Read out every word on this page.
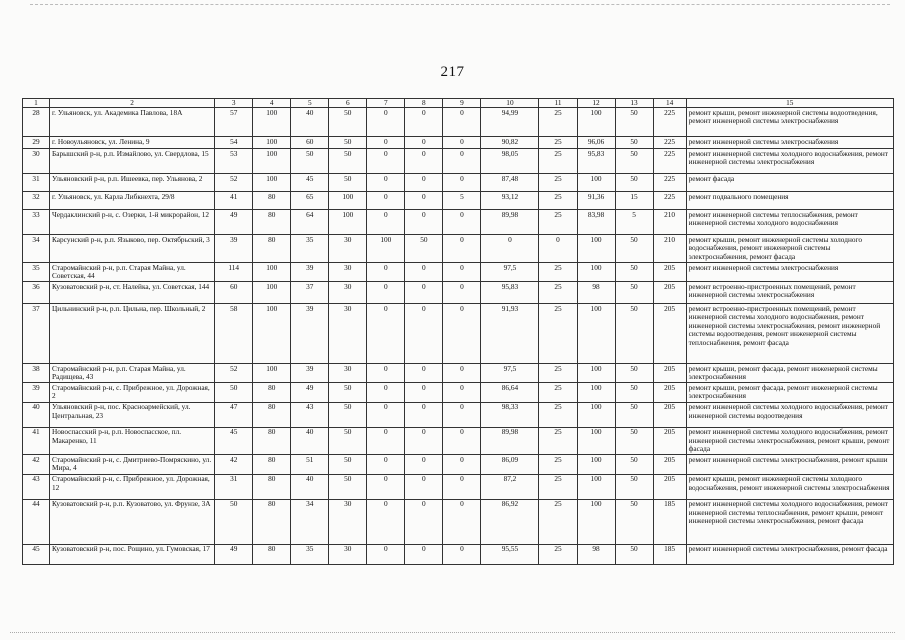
217
1	2	3	4	5	6	7	8	9	10	11	12	13	14	15
28	г. Ульяновск, ул. Академика Павлова, 18А	57	100	40	50	0	0	0	94,99	25	100	50	225	ремонт крыши, ремонт инженерной системы водоотведения, ремонт инженерной системы электроснабжения
29	г. Новоульяновск, ул. Ленина, 9	54	100	60	50	0	0	0	90,82	25	96,06	50	225	ремонт инженерной системы электроснабжения
30	Барышский р-н, р.п. Измайлово, ул. Свердлова, 15	53	100	50	50	0	0	0	98,05	25	95,83	50	225	ремонт инженерной системы холодного водоснабжения, ремонт инженерной системы электроснабжения
31	Ульяновский р-н, р.п. Ишеевка, пер. Ульянова, 2	52	100	45	50	0	0	0	87,48	25	100	50	225	ремонт фасада
32	г. Ульяновск, ул. Карла Либкнехта, 29/8	41	80	65	100	0	0	5	93,12	25	91,36	15	225	ремонт подвального помещения
33	Чердаклинский р-н, с. Озерки, 1-й микрорайон, 12	49	80	64	100	0	0	0	89,98	25	83,98	5	210	ремонт инженерной системы теплоснабжения, ремонт инженерной системы холодного водоснабжения
34	Карсунский р-н, р.п. Языково, пер. Октябрьский, 3	39	80	35	30	100	50	0	0	0	100	50	210	ремонт крыши, ремонт инженерной системы холодного водоснабжения, ремонт инженерной системы электроснабжения, ремонт фасада
35	Старомайнский р-н, р.п. Старая Майна, ул. Советская, 44	114	100	39	30	0	0	0	97,5	25	100	50	205	ремонт инженерной системы электроснабжения
36	Кузоватовский р-н, ст. Налейка, ул. Советская, 144	60	100	37	30	0	0	0	95,83	25	98	50	205	ремонт встроенно-пристроенных помещений, ремонт инженерной системы электроснабжения
37	Цильнинский р-н, р.п. Цильна, пер. Школьный, 2	58	100	39	30	0	0	0	91,93	25	100	50	205	ремонт встроенно-пристроенных помещений, ремонт инженерной системы холодного водоснабжения, ремонт инженерной системы электроснабжения, ремонт инженерной системы водоотведения, ремонт инженерной системы теплоснабжения, ремонт фасада
38	Старомайнский р-н, р.п. Старая Майна, ул. Радищева, 43	52	100	39	30	0	0	0	97,5	25	100	50	205	ремонт крыши, ремонт фасада, ремонт инженерной системы электроснабжения
39	Старомайнский р-н, с. Прибрежное, ул. Дорожная, 2	50	80	49	50	0	0	0	86,64	25	100	50	205	ремонт крыши, ремонт фасада, ремонт инженерной системы электроснабжения
40	Ульяновский р-н, пос. Красноармейский, ул. Центральная, 23	47	80	43	50	0	0	0	98,33	25	100	50	205	ремонт инженерной системы холодного водоснабжения, ремонт инженерной системы водоотведения
41	Новоспасский р-н, р.п. Новоспасское, пл. Макаренко, 11	45	80	40	50	0	0	0	89,98	25	100	50	205	ремонт инженерной системы холодного водоснабжения, ремонт инженерной системы электроснабжения, ремонт крыши, ремонт фасада
42	Старомайнский р-н, с. Дмитриево-Помряскино, ул. Мира, 4	42	80	51	50	0	0	0	86,09	25	100	50	205	ремонт инженерной системы электроснабжения, ремонт крыши
43	Старомайнский р-н, с. Прибрежное, ул. Дорожная, 12	31	80	40	50	0	0	0	87,2	25	100	50	205	ремонт крыши, ремонт инженерной системы холодного водоснабжения, ремонт инженерной системы электроснабжения
44	Кузоватовский р-н, р.п. Кузоватово, ул. Фрунзе, 3А	50	80	34	30	0	0	0	86,92	25	100	50	185	ремонт инженерной системы холодного водоснабжения, ремонт инженерной системы теплоснабжения, ремонт крыши, ремонт инженерной системы электроснабжения, ремонт фасада
45	Кузоватовский р-н, пос. Рощино, ул. Гумовская, 17	49	80	35	30	0	0	0	95,55	25	98	50	185	ремонт инженерной системы электроснабжения, ремонт фасада
